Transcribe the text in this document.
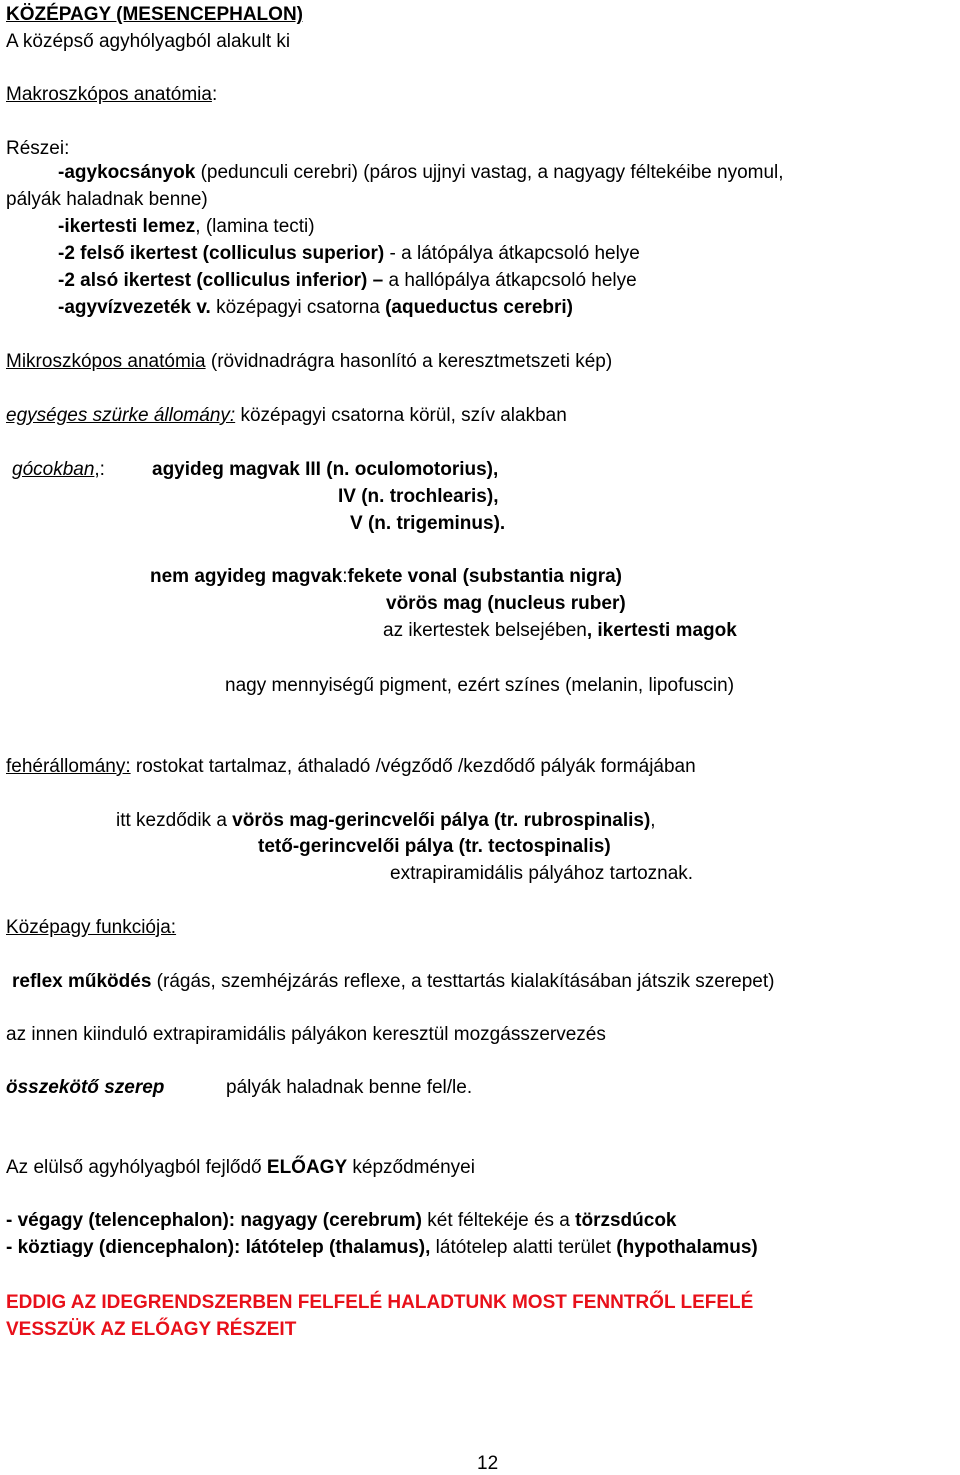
KÖZÉPAGY (MESENCEPHALON)
A középső agyhólyagból alakult ki
Makroszkópos anatómia:
Részei:
-agykocsányok (pedunculi cerebri) (páros ujjnyi vastag, a nagyagy féltekéibe nyomul,
pályák haladnak benne)
-ikertesti lemez, (lamina tecti)
-2 felső ikertest (colliculus superior) - a látópálya átkapcsoló helye
-2 alsó ikertest (colliculus inferior) – a hallópálya átkapcsoló helye
-agyvízvezeték v. középagyi csatorna (aqueductus cerebri)
Mikroszkópos anatómia (rövidnadrágra hasonlító a keresztmetszeti kép)
egységes szürke állomány: középagyi csatorna körül, szív alakban
gócokban,: agyideg magvak III (n. oculomotorius),
IV (n. trochlearis),
V (n. trigeminus).
nem agyideg magvak:fekete vonal (substantia nigra)
vörös mag (nucleus ruber)
az ikertestek belsejében, ikertesti magok
nagy mennyiségű pigment, ezért színes (melanin, lipofuscin)
fehérállomány: rostokat tartalmaz, áthaladó /végződő /kezdődő pályák formájában
itt kezdődik a vörös mag-gerincvelői pálya (tr. rubrospinalis),
tető-gerincvelői pálya (tr. tectospinalis)
extrapiramidális pályához tartoznak.
Középagy funkciója:
reflex működés (rágás, szemhéjzárás reflexe, a testtartás kialakításában játszik szerepet)
az innen kiinduló extrapiramidális pályákon keresztül mozgásszervezés
összekötő szerep	pályák haladnak benne fel/le.
Az elülső agyhólyagból fejlődő ELŐAGY képződményei
- végagy (telencephalon): nagyagy (cerebrum) két féltekéje és a törzsdúcok
- köztiagy (diencephalon): látótelep (thalamus), látótelep alatti terület (hypothalamus)
EDDIG AZ IDEGRENDSZERBEN FELFELÉ HALADTUNK MOST FENNTRŐL LEFELÉ
VESSZÜK AZ ELŐAGY RÉSZEIT
12
